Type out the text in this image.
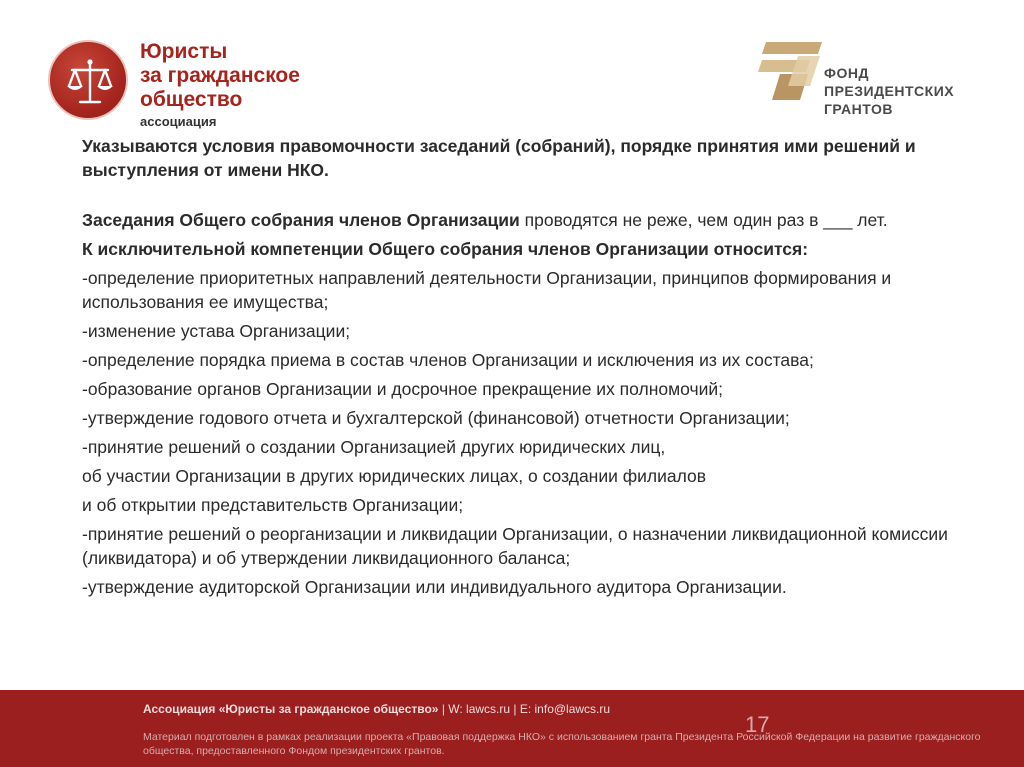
Юристы
за гражданское
общество
ассоциация
ФОНД
ПРЕЗИДЕНТСКИХ
ГРАНТОВ

Указываются условия правомочности заседаний (собраний), порядке принятия ими решений и выступления от имени НКО.

Заседания Общего собрания членов Организации проводятся не реже, чем один раз в ___ лет.

К исключительной компетенции Общего собрания членов Организации относится:

-определение приоритетных направлений деятельности Организации, принципов формирования и использования ее имущества;

-изменение устава Организации;

-определение порядка приема в состав членов Организации и исключения из их состава;

-образование органов Организации и досрочное прекращение их полномочий;

-утверждение годового отчета и бухгалтерской (финансовой) отчетности Организации;

-принятие решений о создании Организацией других юридических лиц,

об участии Организации в других юридических лицах, о создании филиалов

и об открытии представительств Организации;

-принятие решений о реорганизации и ликвидации Организации, о назначении ликвидационной комиссии (ликвидатора) и об утверждении ликвидационного баланса;

-утверждение аудиторской Организации или индивидуального аудитора Организации.

Ассоциация «Юристы за гражданское общество» | W: lawcs.ru | E: info@lawcs.ru
17
Материал подготовлен в рамках реализации проекта «Правовая поддержка НКО» с использованием гранта Президента Российской Федерации на развитие гражданского общества, предоставленного Фондом президентских грантов.
